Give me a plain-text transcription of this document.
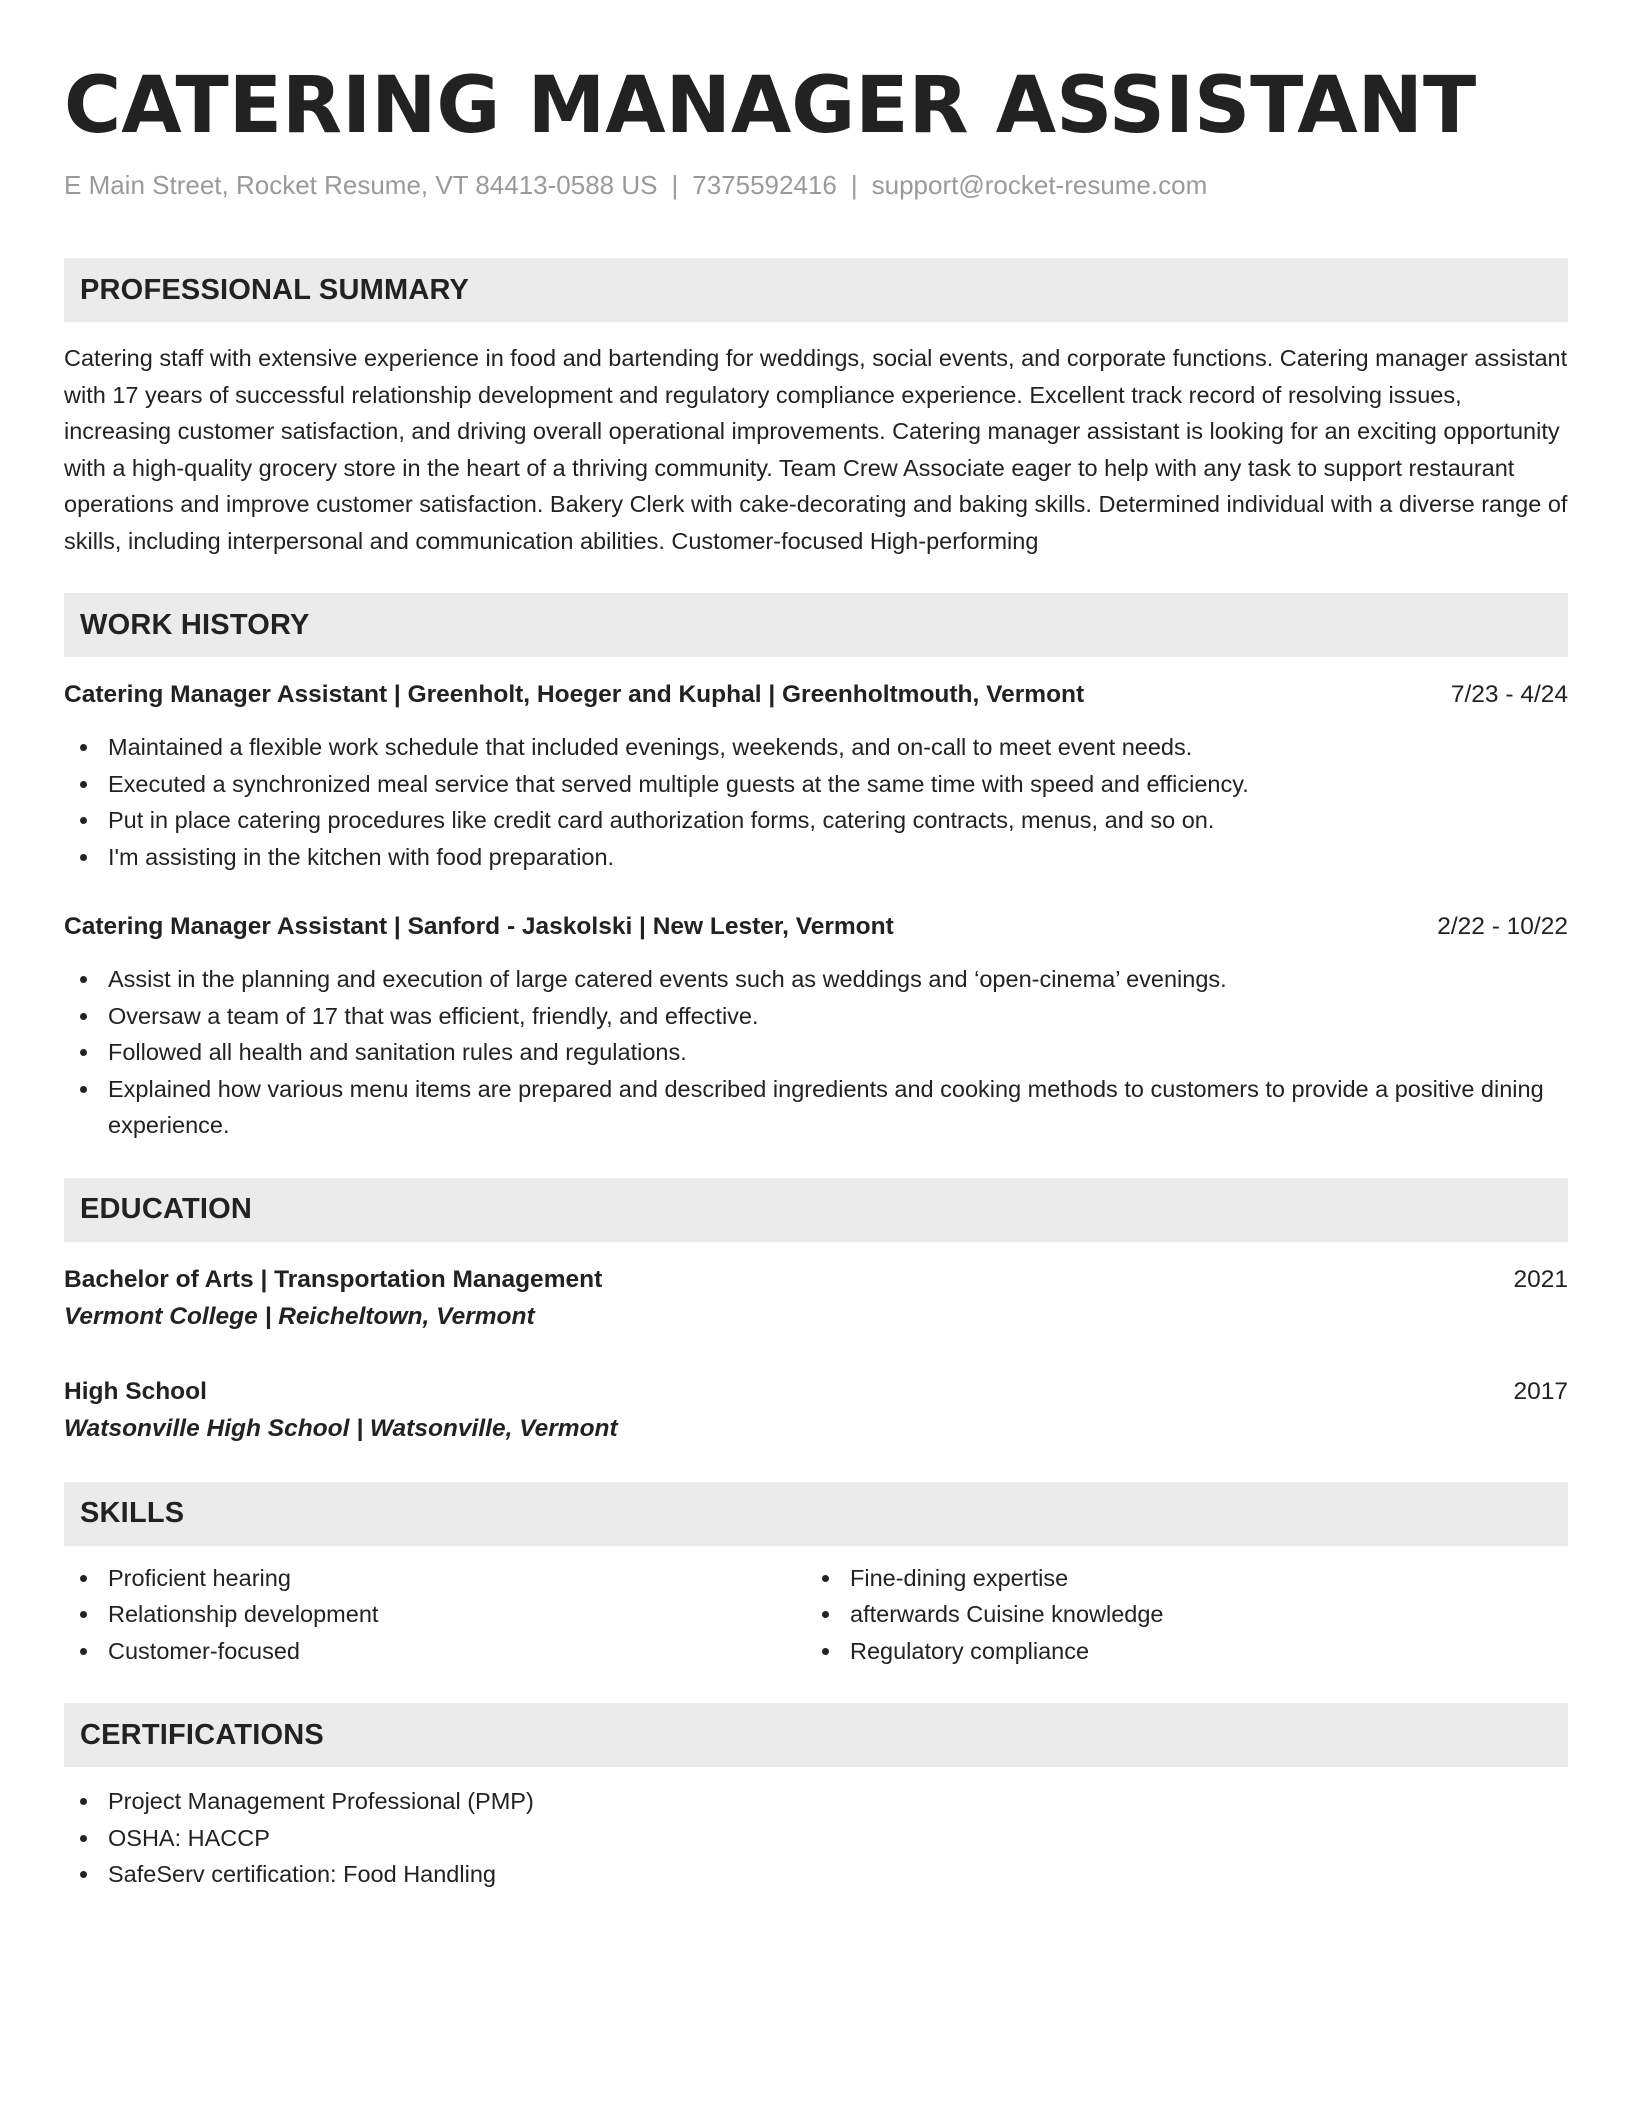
CATERING MANAGER ASSISTANT
E Main Street, Rocket Resume, VT 84413-0588 US | 7375592416 | support@rocket-resume.com
PROFESSIONAL SUMMARY

Catering staff with extensive experience in food and bartending for weddings, social events, and corporate functions. Catering manager assistant with 17 years of successful relationship development and regulatory compliance experience. Excellent track record of resolving issues, increasing customer satisfaction, and driving overall operational improvements. Catering manager assistant is looking for an exciting opportunity with a high-quality grocery store in the heart of a thriving community. Team Crew Associate eager to help with any task to support restaurant operations and improve customer satisfaction. Bakery Clerk with cake-decorating and baking skills. Determined individual with a diverse range of skills, including interpersonal and communication abilities. Customer-focused High-performing

WORK HISTORY
Catering Manager Assistant | Greenholt, Hoeger and Kuphal | Greenholtmouth, Vermont	7/23 - 4/24
Maintained a flexible work schedule that included evenings, weekends, and on-call to meet event needs.
Executed a synchronized meal service that served multiple guests at the same time with speed and efficiency.
Put in place catering procedures like credit card authorization forms, catering contracts, menus, and so on.
I'm assisting in the kitchen with food preparation.
Catering Manager Assistant | Sanford - Jaskolski | New Lester, Vermont	2/22 - 10/22
Assist in the planning and execution of large catered events such as weddings and ‘open-cinema’ evenings.
Oversaw a team of 17 that was efficient, friendly, and effective.
Followed all health and sanitation rules and regulations.
Explained how various menu items are prepared and described ingredients and cooking methods to customers to provide a positive dining experience.
EDUCATION
Bachelor of Arts | Transportation Management	2021
Vermont College | Reicheltown, Vermont
High School	2017
Watsonville High School | Watsonville, Vermont
SKILLS
Proficient hearing
Relationship development
Customer-focused
Fine-dining expertise
afterwards Cuisine knowledge
Regulatory compliance
CERTIFICATIONS
Project Management Professional (PMP)
OSHA: HACCP
SafeServ certification: Food Handling
